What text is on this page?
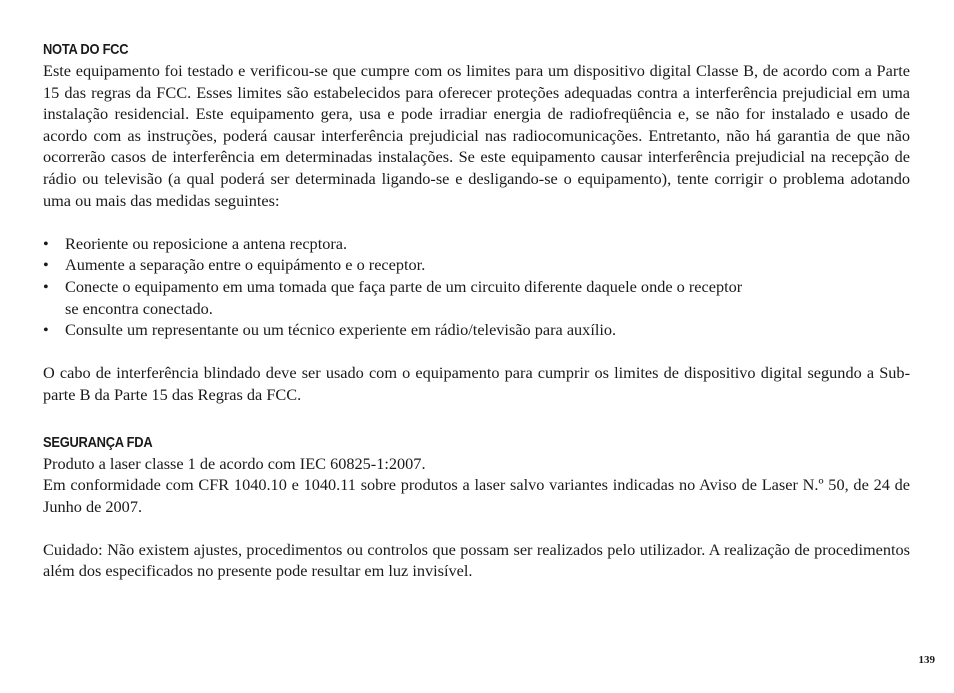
NOTA DO FCC

Este equipamento foi testado e verificou-se que cumpre com os limites para um dispositivo digital Classe B, de acordo com a Parte 15 das regras da FCC. Esses limites são estabelecidos para oferecer proteções adequadas contra a interferência prejudicial em uma instalação residencial. Este equipamento gera, usa e pode irradiar energia de radiofreqüência e, se não for instalado e usado de acordo com as instruções, poderá causar interferência prejudicial nas radiocomunicações. Entretanto, não há garantia de que não ocorrerão casos de interferência em determinadas instalações. Se este equipamento causar interferência prejudicial na recepção de rádio ou televisão (a qual poderá ser determinada ligando-se e desligando-se o equipamento), tente corrigir o problema adotando uma ou mais das medidas seguintes:

• Reoriente ou reposicione a antena recptora.
• Aumente a separação entre o equipámento e o receptor.
• Conecte o equipamento em uma tomada que faça parte de um circuito diferente daquele onde o receptor
se encontra conectado.
• Consulte um representante ou um técnico experiente em rádio/televisão para auxílio.

O cabo de interferência blindado deve ser usado com o equipamento para cumprir os limites de dispositivo digital segundo a Sub-parte B da Parte 15 das Regras da FCC.

SEGURANÇA FDA

Produto a laser classe 1 de acordo com IEC 60825-1:2007.

Em conformidade com CFR 1040.10 e 1040.11 sobre produtos a laser salvo variantes indicadas no Aviso de Laser N.º 50, de 24 de Junho de 2007.

Cuidado: Não existem ajustes, procedimentos ou controlos que possam ser realizados pelo utilizador. A realização de procedimentos além dos especificados no presente pode resultar em luz invisível.

139
